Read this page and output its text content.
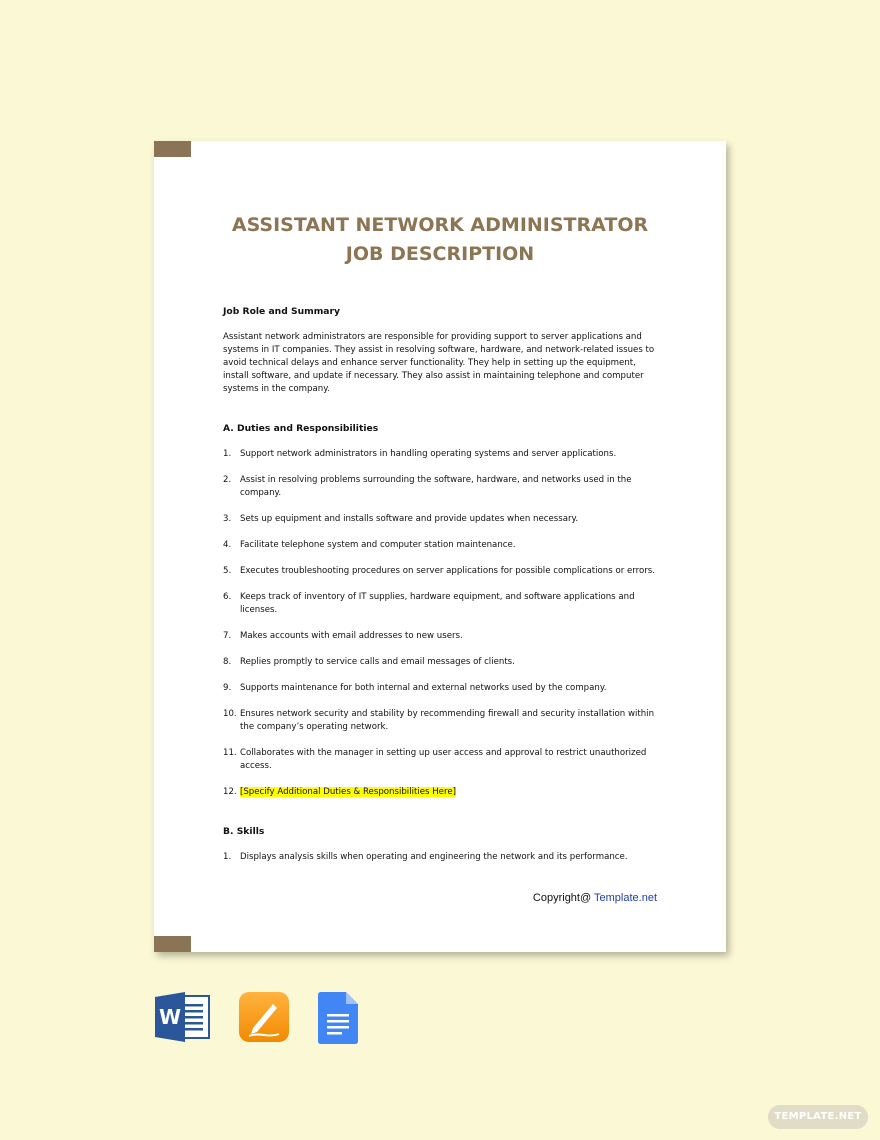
ASSISTANT NETWORK ADMINISTRATOR
JOB DESCRIPTION

Job Role and Summary

Assistant network administrators are responsible for providing support to server applications and systems in IT companies. They assist in resolving software, hardware, and network-related issues to avoid technical delays and enhance server functionality. They help in setting up the equipment, install software, and update if necessary. They also assist in maintaining telephone and computer systems in the company.

A. Duties and Responsibilities

1. Support network administrators in handling operating systems and server applications.
2. Assist in resolving problems surrounding the software, hardware, and networks used in the company.
3. Sets up equipment and installs software and provide updates when necessary.
4. Facilitate telephone system and computer station maintenance.
5. Executes troubleshooting procedures on server applications for possible complications or errors.
6. Keeps track of inventory of IT supplies, hardware equipment, and software applications and licenses.
7. Makes accounts with email addresses to new users.
8. Replies promptly to service calls and email messages of clients.
9. Supports maintenance for both internal and external networks used by the company.
10. Ensures network security and stability by recommending firewall and security installation within the company’s operating network.
11. Collaborates with the manager in setting up user access and approval to restrict unauthorized access.
12. [Specify Additional Duties & Responsibilities Here]

B. Skills

1. Displays analysis skills when operating and engineering the network and its performance.
Copyright@ Template.net
W
TEMPLATE.NET
